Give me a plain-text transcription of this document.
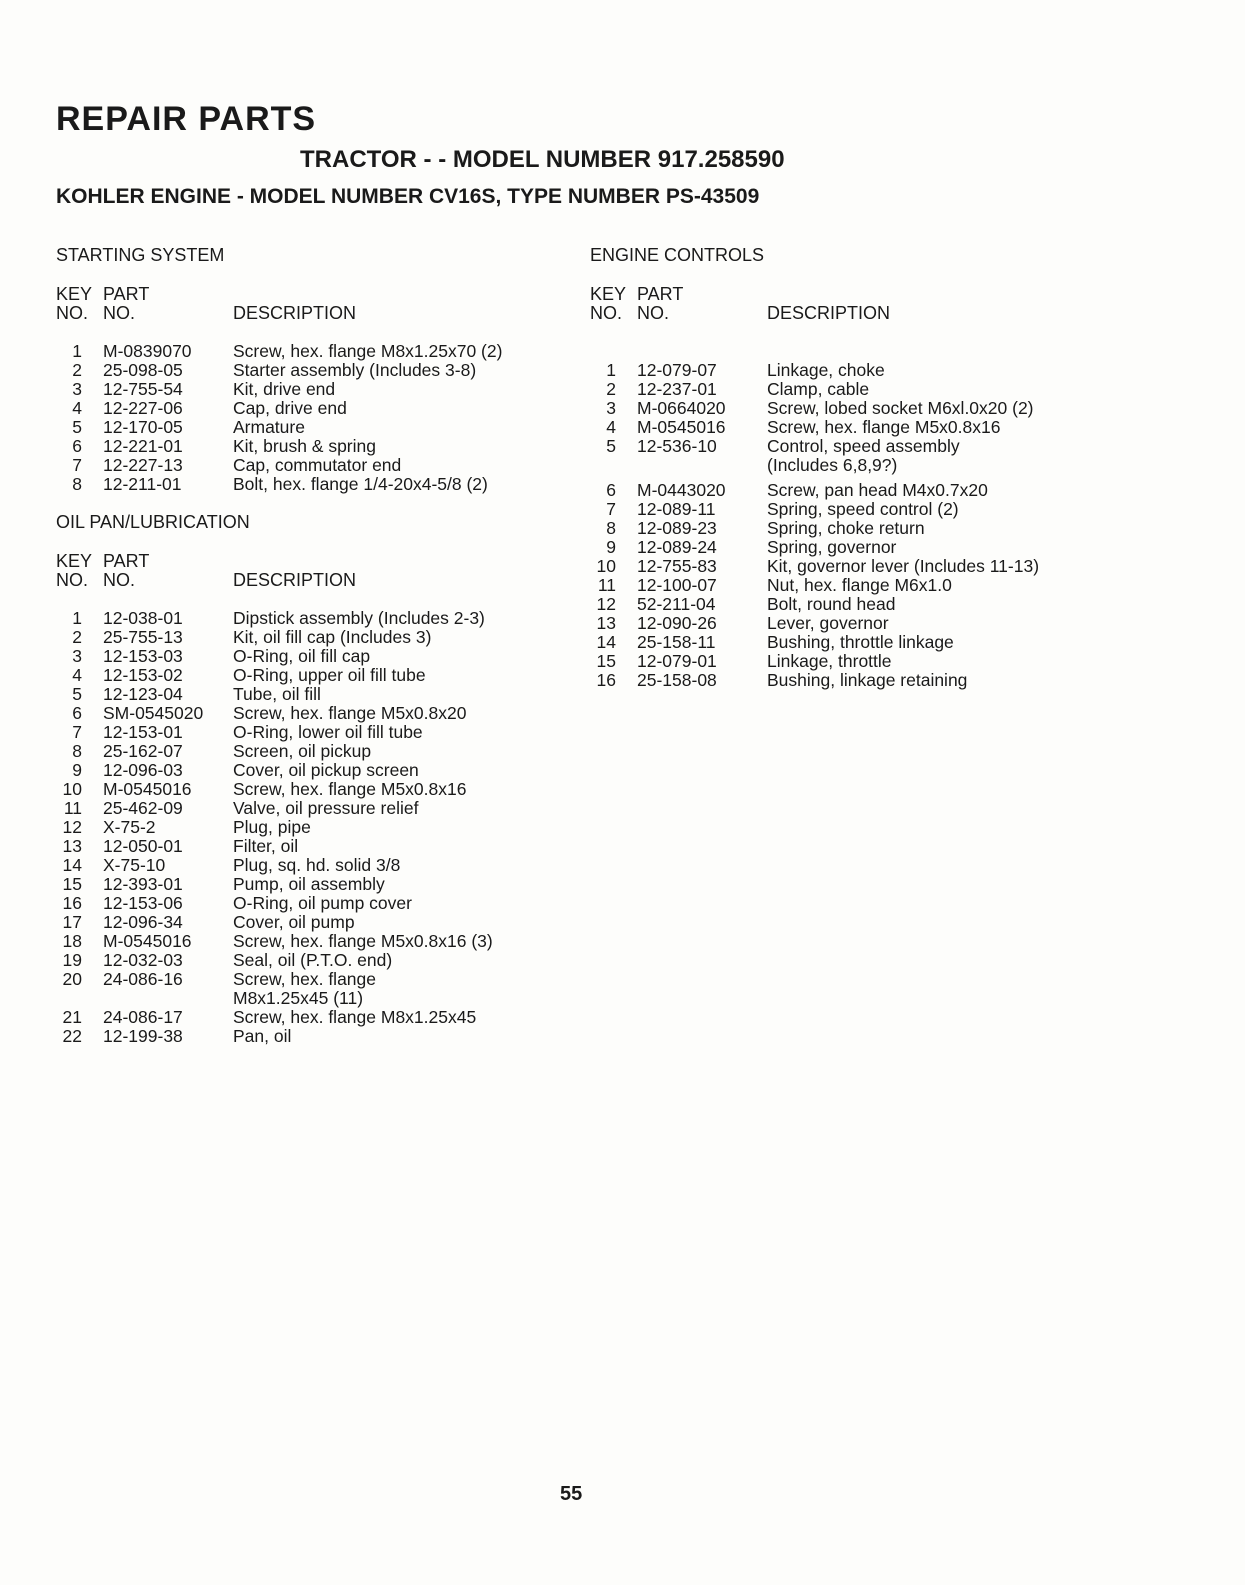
REPAIR PARTS
TRACTOR - - MODEL NUMBER 917.258590
KOHLER ENGINE - MODEL NUMBER CV16S, TYPE NUMBER PS-43509
STARTING SYSTEM
KEY
NO.
PART
NO.	DESCRIPTION
1 M-0839070 Screw, hex. flange M8x1.25x70 (2)
2 25-098-05	Starter assembly (Includes 3-8)
3 12-755-54	Kit, drive end
4 12-227-06	Cap, drive end
5 12-170-05	Armature
6 12-221-01	Kit, brush & spring
7 12-227-13	Cap, commutator end
8 12-211-01	Bolt, hex. flange 1/4-20x4-5/8 (2)
OIL PAN/LUBRICATION
KEY
NO.
PART
NO.	DESCRIPTION
1 12-038-01	Dipstick assembly (Includes 2-3)
2 25-755-13	Kit, oil fill cap (Includes 3)
3 12-153-03	O-Ring, oil fill cap
4 12-153-02	O-Ring, upper oil fill tube
5 12-123-04	Tube, oil fill
6 SM-0545020 Screw, hex. flange M5x0.8x20
7 12-153-01	O-Ring, lower oil fill tube
8 25-162-07	Screen, oil pickup
9 12-096-03	Cover, oil pickup screen
10 M-0545016 Screw, hex. flange M5x0.8x16
11 25-462-09	Valve, oil pressure relief
12 X-75-2	Plug, pipe
13 12-050-01	Filter, oil
14 X-75-10	Plug, sq. hd. solid 3/8
15 12-393-01	Pump, oil assembly
16 12-153-06	O-Ring, oil pump cover
17 12-096-34	Cover, oil pump
18 M-0545016 Screw, hex. flange M5x0.8x16 (3)
19 12-032-03	Seal, oil (P.T.O. end)
20 24-086-16	Screw, hex. flange
M8x1.25x45 (11)
21 24-086-17	Screw, hex. flange M8x1.25x45
22 12-199-38	Pan, oil
ENGINE CONTROLS
KEY
NO.
PART
NO.	DESCRIPTION
1 12-079-07	Linkage, choke
2 12-237-01	Clamp, cable
3 M-0664020 Screw, lobed socket M6xl.0x20 (2)
4 M-0545016 Screw, hex. flange M5x0.8x16
5 12-536-10	Control, speed assembly
(Includes 6,8,9?)
6 M-0443020 Screw, pan head M4x0.7x20
7 12-089-11	Spring, speed control (2)
8 12-089-23	Spring, choke return
9 12-089-24	Spring, governor
10 12-755-83	Kit, governor lever (Includes 11-13)
11 12-100-07	Nut, hex. flange M6x1.0
12 52-211-04	Bolt, round head
13 12-090-26	Lever, governor
14 25-158-11	Bushing, throttle linkage
15 12-079-01	Linkage, throttle
16 25-158-08	Bushing, linkage retaining
55
